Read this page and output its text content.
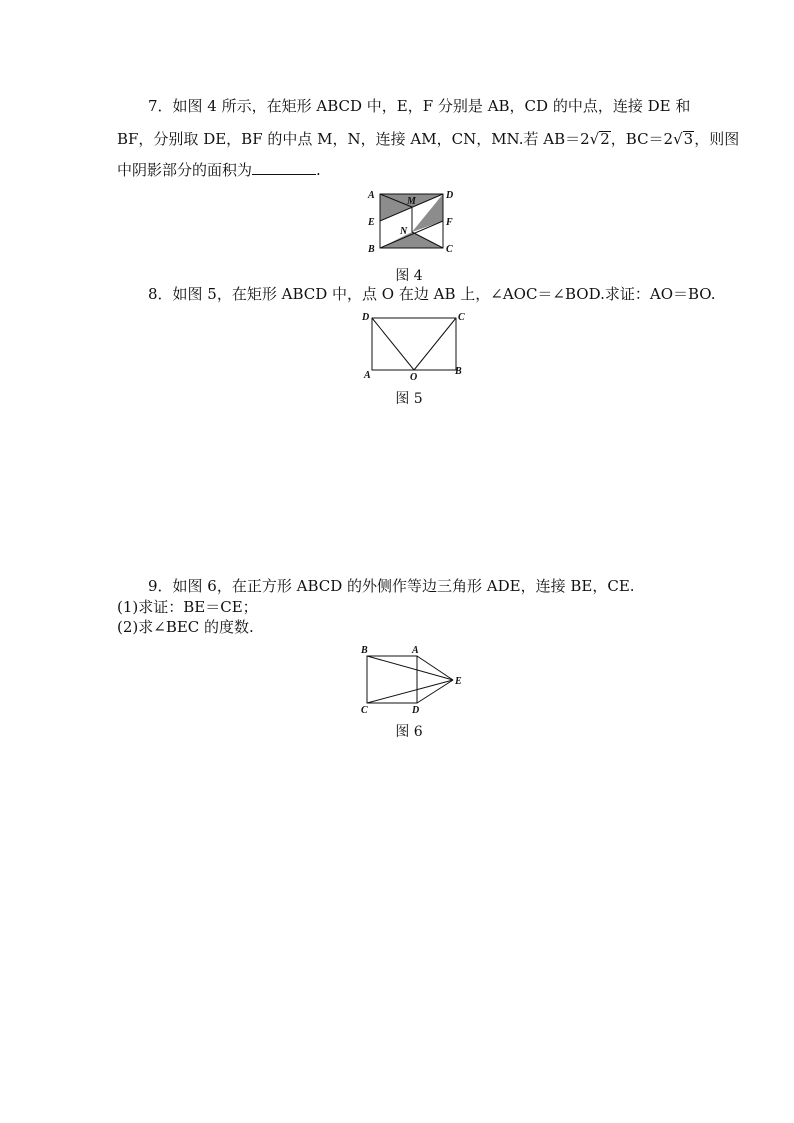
7．如图 4 所示，在矩形 ABCD 中，E，F 分别是 AB，CD 的中点，连接 DE 和
BF，分别取 DE，BF 的中点 M，N，连接 AM，CN，MN.若 AB＝2√2，BC＝2√3，则图
中阴影部分的面积为	.
A	D
M
E	F
N
B	C
图 4
8．如图 5，在矩形 ABCD 中，点 O 在边 AB 上，∠AOC＝∠BOD.求证：AO＝BO.
D	C
A	O
B
图 5
9．如图 6，在正方形 ABCD 的外侧作等边三角形 ADE，连接 BE，CE.
(1)求证：BE＝CE；
(2)求∠BEC 的度数.
B	A
E
C	D
图 6
